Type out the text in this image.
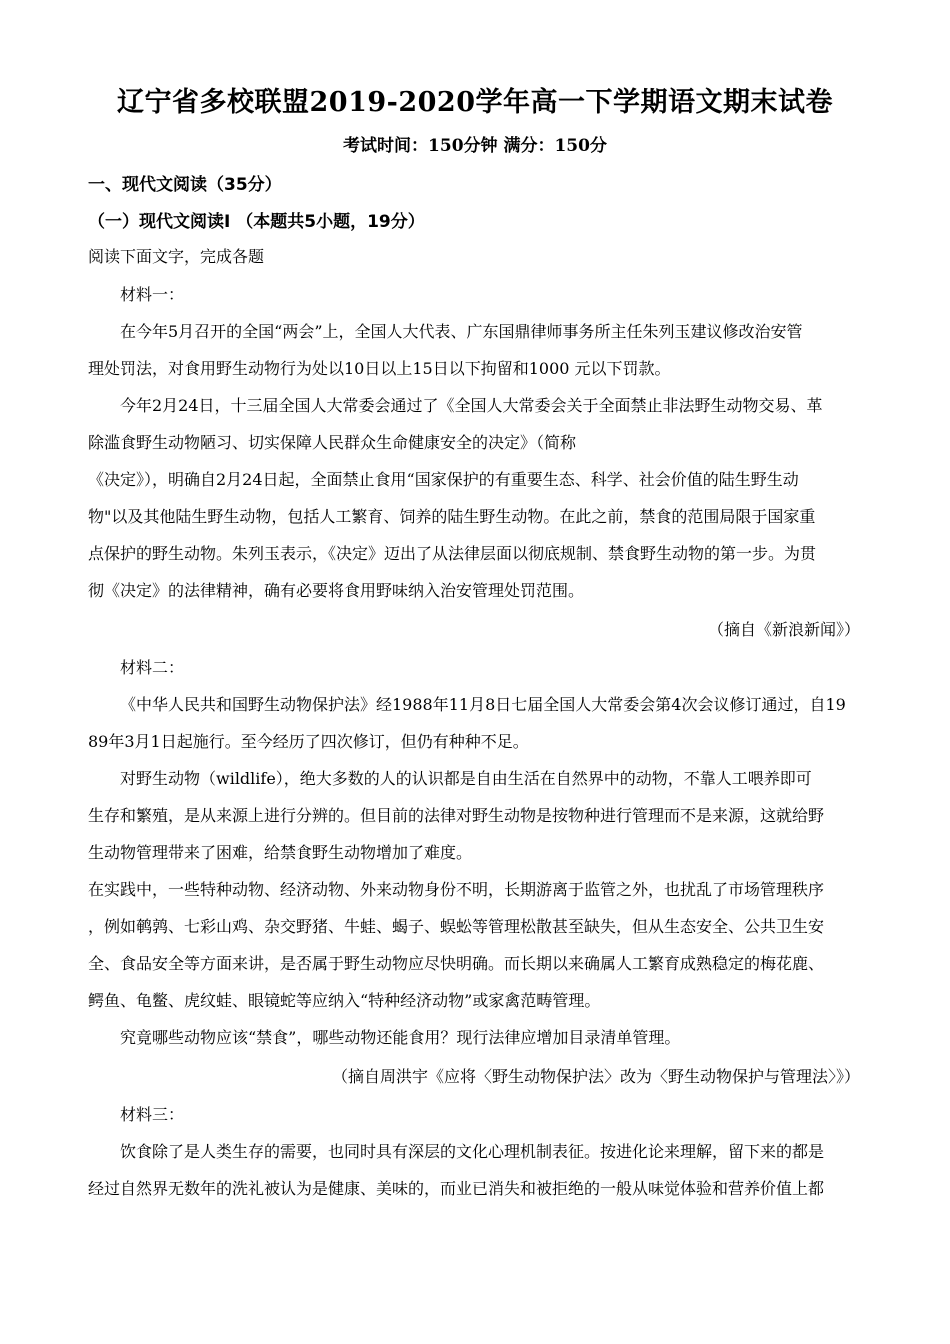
辽宁省多校联盟2019-2020学年高一下学期语文期末试卷
考试时间：150分钟 满分：150分
一、现代文阅读（35分）
（一）现代文阅读I （本题共5小题，19分）
阅读下面文字，完成各题
材料一：
在今年5月召开的全国“两会”上，全国人大代表、广东国鼎律师事务所主任朱列玉建议修改治安管
理处罚法，对食用野生动物行为处以10日以上15日以下拘留和1000 元以下罚款。
今年2月24日，十三届全国人大常委会通过了《全国人大常委会关于全面禁止非法野生动物交易、革
除滥食野生动物陋习、切实保障人民群众生命健康安全的决定》（简称
《决定》），明确自2月24日起，全面禁止食用“国家保护的有重要生态、科学、社会价值的陆生野生动
物"以及其他陆生野生动物，包括人工繁育、饲养的陆生野生动物。在此之前，禁食的范围局限于国家重
点保护的野生动物。朱列玉表示，《决定》迈出了从法律层面以彻底规制、禁食野生动物的第一步。为贯
彻《决定》的法律精神，确有必要将食用野味纳入治安管理处罚范围。
（摘自《新浪新闻》）
材料二：
《中华人民共和国野生动物保护法》经1988年11月8日七届全国人大常委会第4次会议修订通过，自19
89年3月1日起施行。至今经历了四次修订，但仍有种种不足。
对野生动物（wildlife），绝大多数的人的认识都是自由生活在自然界中的动物，不靠人工喂养即可
生存和繁殖，是从来源上进行分辨的。但目前的法律对野生动物是按物种进行管理而不是来源，这就给野
生动物管理带来了困难，给禁食野生动物增加了难度。
在实践中，一些特种动物、经济动物、外来动物身份不明，长期游离于监管之外，也扰乱了市场管理秩序
，例如鹌鹑、七彩山鸡、杂交野猪、牛蛙、蝎子、蜈蚣等管理松散甚至缺失，但从生态安全、公共卫生安
全、食品安全等方面来讲，是否属于野生动物应尽快明确。而长期以来确属人工繁育成熟稳定的梅花鹿、
鳄鱼、龟鳖、虎纹蛙、眼镜蛇等应纳入“特种经济动物”或家禽范畴管理。
究竟哪些动物应该“禁食”，哪些动物还能食用？现行法律应增加目录清单管理。
（摘自周洪宇《应将〈野生动物保护法〉改为〈野生动物保护与管理法〉》）
材料三：
饮食除了是人类生存的需要，也同时具有深层的文化心理机制表征。按进化论来理解，留下来的都是
经过自然界无数年的洗礼被认为是健康、美味的，而业已消失和被拒绝的一般从味觉体验和营养价值上都
